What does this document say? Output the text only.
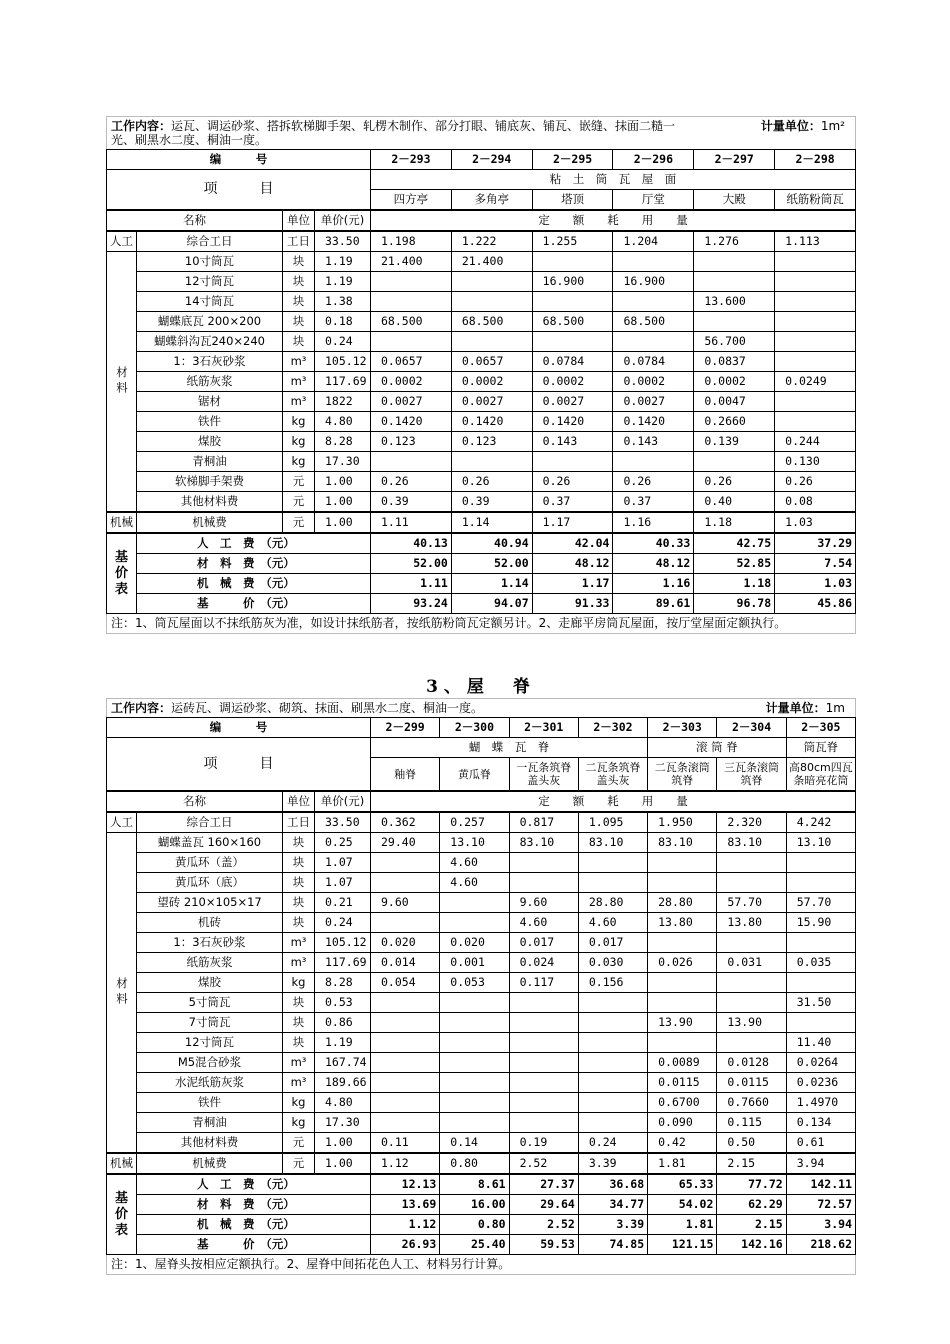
工作内容：运瓦、调运砂浆、搭拆软梯脚手架、轧楞木制作、部分打眼、铺底灰、铺瓦、嵌缝、抹面二糙一光、刷黑水二度、桐油一度。
计量单位：1m²
编　　　号				2－293	2－294	2－295	2－296	2－297	2－298
项　　　目				粘　土　筒　瓦　屋　面					
				四方亭	多角亭	塔顶	厅堂	大殿	纸筋粉筒瓦
名称		单位	单价(元)	定　　额　　耗　　用　　量					
人工	综合工日	工日	33.50	1.198	1.222	1.255	1.204	1.276	1.113
材料	10寸筒瓦	块	1.19	21.400	21.400				
	12寸筒瓦	块	1.19			16.900	16.900		
	14寸筒瓦	块	1.38					13.600	
	蝴蝶底瓦 200×200	块	0.18	68.500	68.500	68.500	68.500		
	蝴蝶斜沟瓦240×240	块	0.24					56.700	
	1：3石灰砂浆	m³	105.12	0.0657	0.0657	0.0784	0.0784	0.0837	
	纸筋灰浆	m³	117.69	0.0002	0.0002	0.0002	0.0002	0.0002	0.0249
	锯材	m³	1822	0.0027	0.0027	0.0027	0.0027	0.0047	
	铁件	kg	4.80	0.1420	0.1420	0.1420	0.1420	0.2660	
	煤胶	kg	8.28	0.123	0.123	0.143	0.143	0.139	0.244
	青桐油	kg	17.30						0.130
	软梯脚手架费	元	1.00	0.26	0.26	0.26	0.26	0.26	0.26
	其他材料费	元	1.00	0.39	0.39	0.37	0.37	0.40	0.08
机械	机械费	元	1.00	1.11	1.14	1.17	1.16	1.18	1.03
基价表	人　工　费　（元）			40.13	40.94	42.04	40.33	42.75	37.29
	材　料　费　（元）			52.00	52.00	48.12	48.12	52.85	7.54
	机　械　费　（元）			1.11	1.14	1.17	1.16	1.18	1.03
	基　　　价　（元）			93.24	94.07	91.33	89.61	96.78	45.86
注：1、筒瓦屋面以不抹纸筋灰为准，如设计抹纸筋者，按纸筋粉筒瓦定额另计。2、走廊平房筒瓦屋面，按厅堂屋面定额执行。
3、屋　脊
工作内容：运砖瓦、调运砂浆、砌筑、抹面、刷黑水二度、桐油一度。	计量单位：1m
编　　　号				2－299	2－300	2－301	2－302	2－303	2－304	2－305
项　　　目				蝴　蝶　瓦　脊				滚 筒 脊		筒瓦脊
				釉脊	黄瓜脊	一瓦条筑脊盖头灰	二瓦条筑脊盖头灰	二瓦条滚筒筑脊	三瓦条滚筒筑脊	高80cm四瓦条暗亮花筒
名称		单位	单价(元)	定　　额　　耗　　用　　量						
人工	综合工日	工日	33.50	0.362	0.257	0.817	1.095	1.950	2.320	4.242
材料	蝴蝶盖瓦 160×160	块	0.25	29.40	13.10	83.10	83.10	83.10	83.10	13.10
	黄瓜环（盖）	块	1.07		4.60					
	黄瓜环（底）	块	1.07		4.60					
	望砖 210×105×17	块	0.21	9.60		9.60	28.80	28.80	57.70	57.70
	机砖	块	0.24			4.60	4.60	13.80	13.80	15.90
	1：3石灰砂浆	m³	105.12	0.020	0.020	0.017	0.017			
	纸筋灰浆	m³	117.69	0.014	0.001	0.024	0.030	0.026	0.031	0.035
	煤胶	kg	8.28	0.054	0.053	0.117	0.156			
	5寸筒瓦	块	0.53							31.50
	7寸筒瓦	块	0.86					13.90	13.90	
	12寸筒瓦	块	1.19							11.40
	M5混合砂浆	m³	167.74					0.0089	0.0128	0.0264
	水泥纸筋灰浆	m³	189.66					0.0115	0.0115	0.0236
	铁件	kg	4.80					0.6700	0.7660	1.4970
	青桐油	kg	17.30					0.090	0.115	0.134
	其他材料费	元	1.00	0.11	0.14	0.19	0.24	0.42	0.50	0.61
机械	机械费	元	1.00	1.12	0.80	2.52	3.39	1.81	2.15	3.94
基价表	人　工　费　（元）			12.13	8.61	27.37	36.68	65.33	77.72	142.11
	材　料　费　（元）			13.69	16.00	29.64	34.77	54.02	62.29	72.57
	机　械　费　（元）			1.12	0.80	2.52	3.39	1.81	2.15	3.94
	基　　　价　（元）			26.93	25.40	59.53	74.85	121.15	142.16	218.62
注：1、屋脊头按相应定额执行。2、屋脊中间拓花色人工、材料另行计算。
